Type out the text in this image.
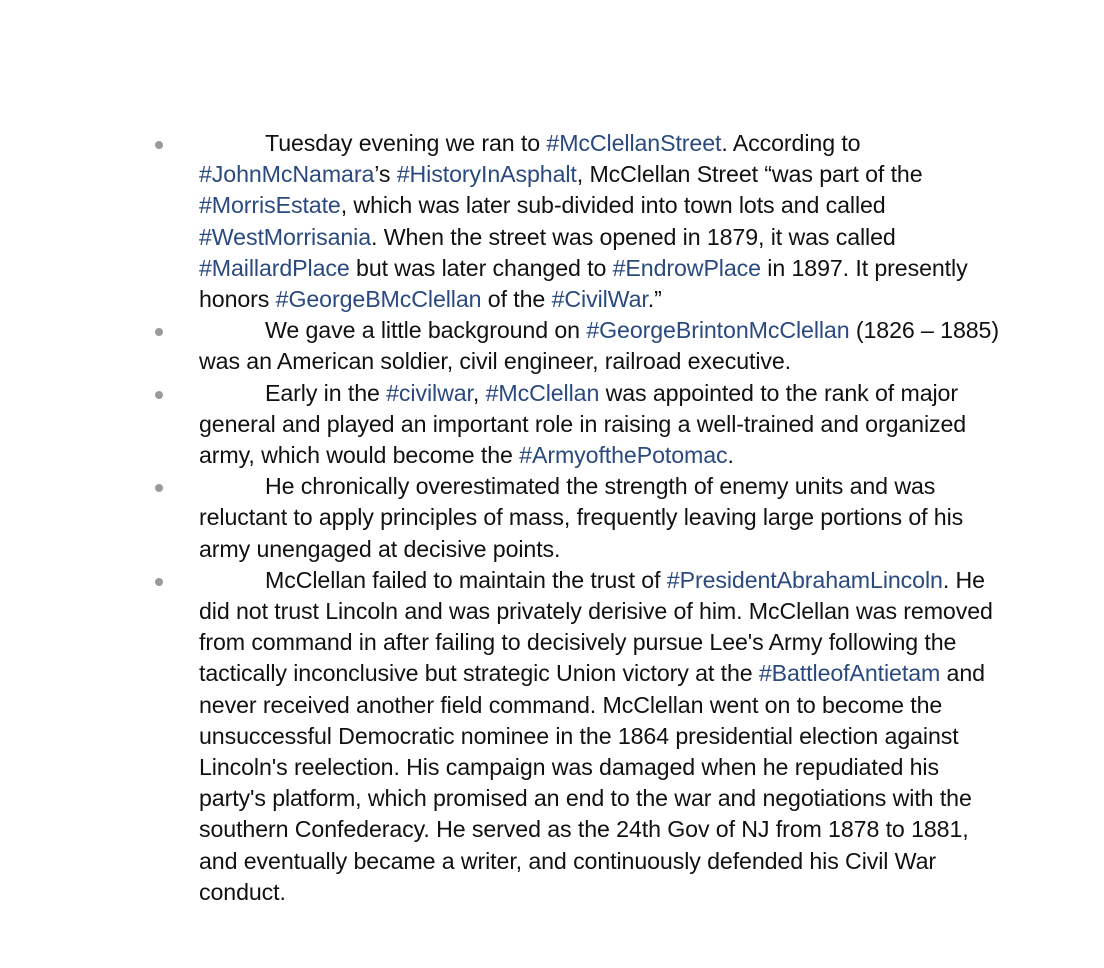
Tuesday evening we ran to #McClellanStreet. According to #JohnMcNamara’s #HistoryInAsphalt, McClellan Street “was part of the #MorrisEstate, which was later sub-divided into town lots and called #WestMorrisania. When the street was opened in 1879, it was called #MaillardPlace but was later changed to #EndrowPlace in 1897. It presently honors #GeorgeBMcClellan of the #CivilWar.”
We gave a little background on #GeorgeBrintonMcClellan (1826 – 1885) was an American soldier, civil engineer, railroad executive.
Early in the #civilwar, #McClellan was appointed to the rank of major general and played an important role in raising a well-trained and organized army, which would become the #ArmyofthePotomac.
He chronically overestimated the strength of enemy units and was reluctant to apply principles of mass, frequently leaving large portions of his army unengaged at decisive points.
McClellan failed to maintain the trust of #PresidentAbrahamLincoln. He did not trust Lincoln and was privately derisive of him. McClellan was removed from command in after failing to decisively pursue Lee's Army following the tactically inconclusive but strategic Union victory at the #BattleofAntietam and never received another field command. McClellan went on to become the unsuccessful Democratic nominee in the 1864 presidential election against Lincoln's reelection. His campaign was damaged when he repudiated his party's platform, which promised an end to the war and negotiations with the southern Confederacy. He served as the 24th Gov of NJ from 1878 to 1881, and eventually became a writer, and continuously defended his Civil War conduct.
